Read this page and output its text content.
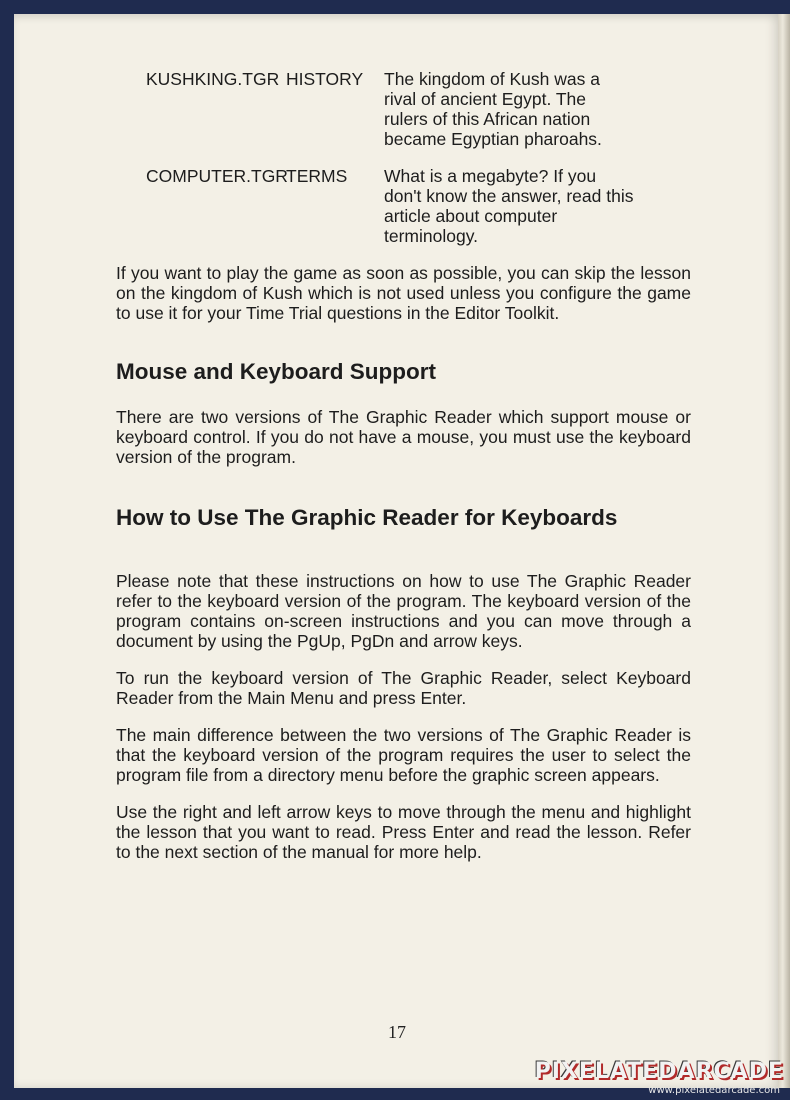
KUSHKING.TGR HISTORY	The kingdom of Kush was a rival of ancient Egypt. The rulers of this African nation became Egyptian pharoahs.
COMPUTER.TGR
TERMS	What is a megabyte? If you don't know the answer, read this article about computer terminology.

If you want to play the game as soon as possible, you can skip the lesson on the kingdom of Kush which is not used unless you configure the game to use it for your Time Trial questions in the Editor Toolkit.

Mouse and Keyboard Support

There are two versions of The Graphic Reader which support mouse or keyboard control. If you do not have a mouse, you must use the keyboard version of the program.

How to Use The Graphic Reader for Keyboards

Please note that these instructions on how to use The Graphic Reader refer to the keyboard version of the program. The keyboard version of the program contains on-screen instructions and you can move through a document by using the PgUp, PgDn and arrow keys.

To run the keyboard version of The Graphic Reader, select Keyboard Reader from the Main Menu and press Enter.

The main difference between the two versions of The Graphic Reader is that the keyboard version of the program requires the user to select the program file from a directory menu before the graphic screen appears.

Use the right and left arrow keys to move through the menu and highlight the lesson that you want to read. Press Enter and read the lesson. Refer to the next section of the manual for more help.

17
PIXELATEDARCADE
www.pixelatedarcade.com
